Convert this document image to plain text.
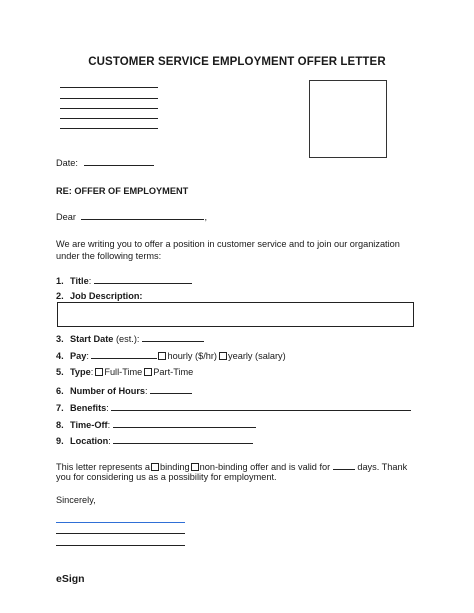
CUSTOMER SERVICE EMPLOYMENT OFFER LETTER
Date:
RE: OFFER OF EMPLOYMENT
Dear	,
We are writing you to offer a position in customer service and to join our organization
under the following terms:
1. Title:
2. Job Description:
3. Start Date (est.):
4. Pay:	hourly ($/hr) yearly (salary)
5. Type: Full-Time Part-Time
6. Number of Hours:
7. Benefits:
8. Time-Off:
9. Location:
This letter represents a binding non-binding offer and is valid for	days. Thank
you for considering us as a possibility for employment.
Sincerely,
eSign
